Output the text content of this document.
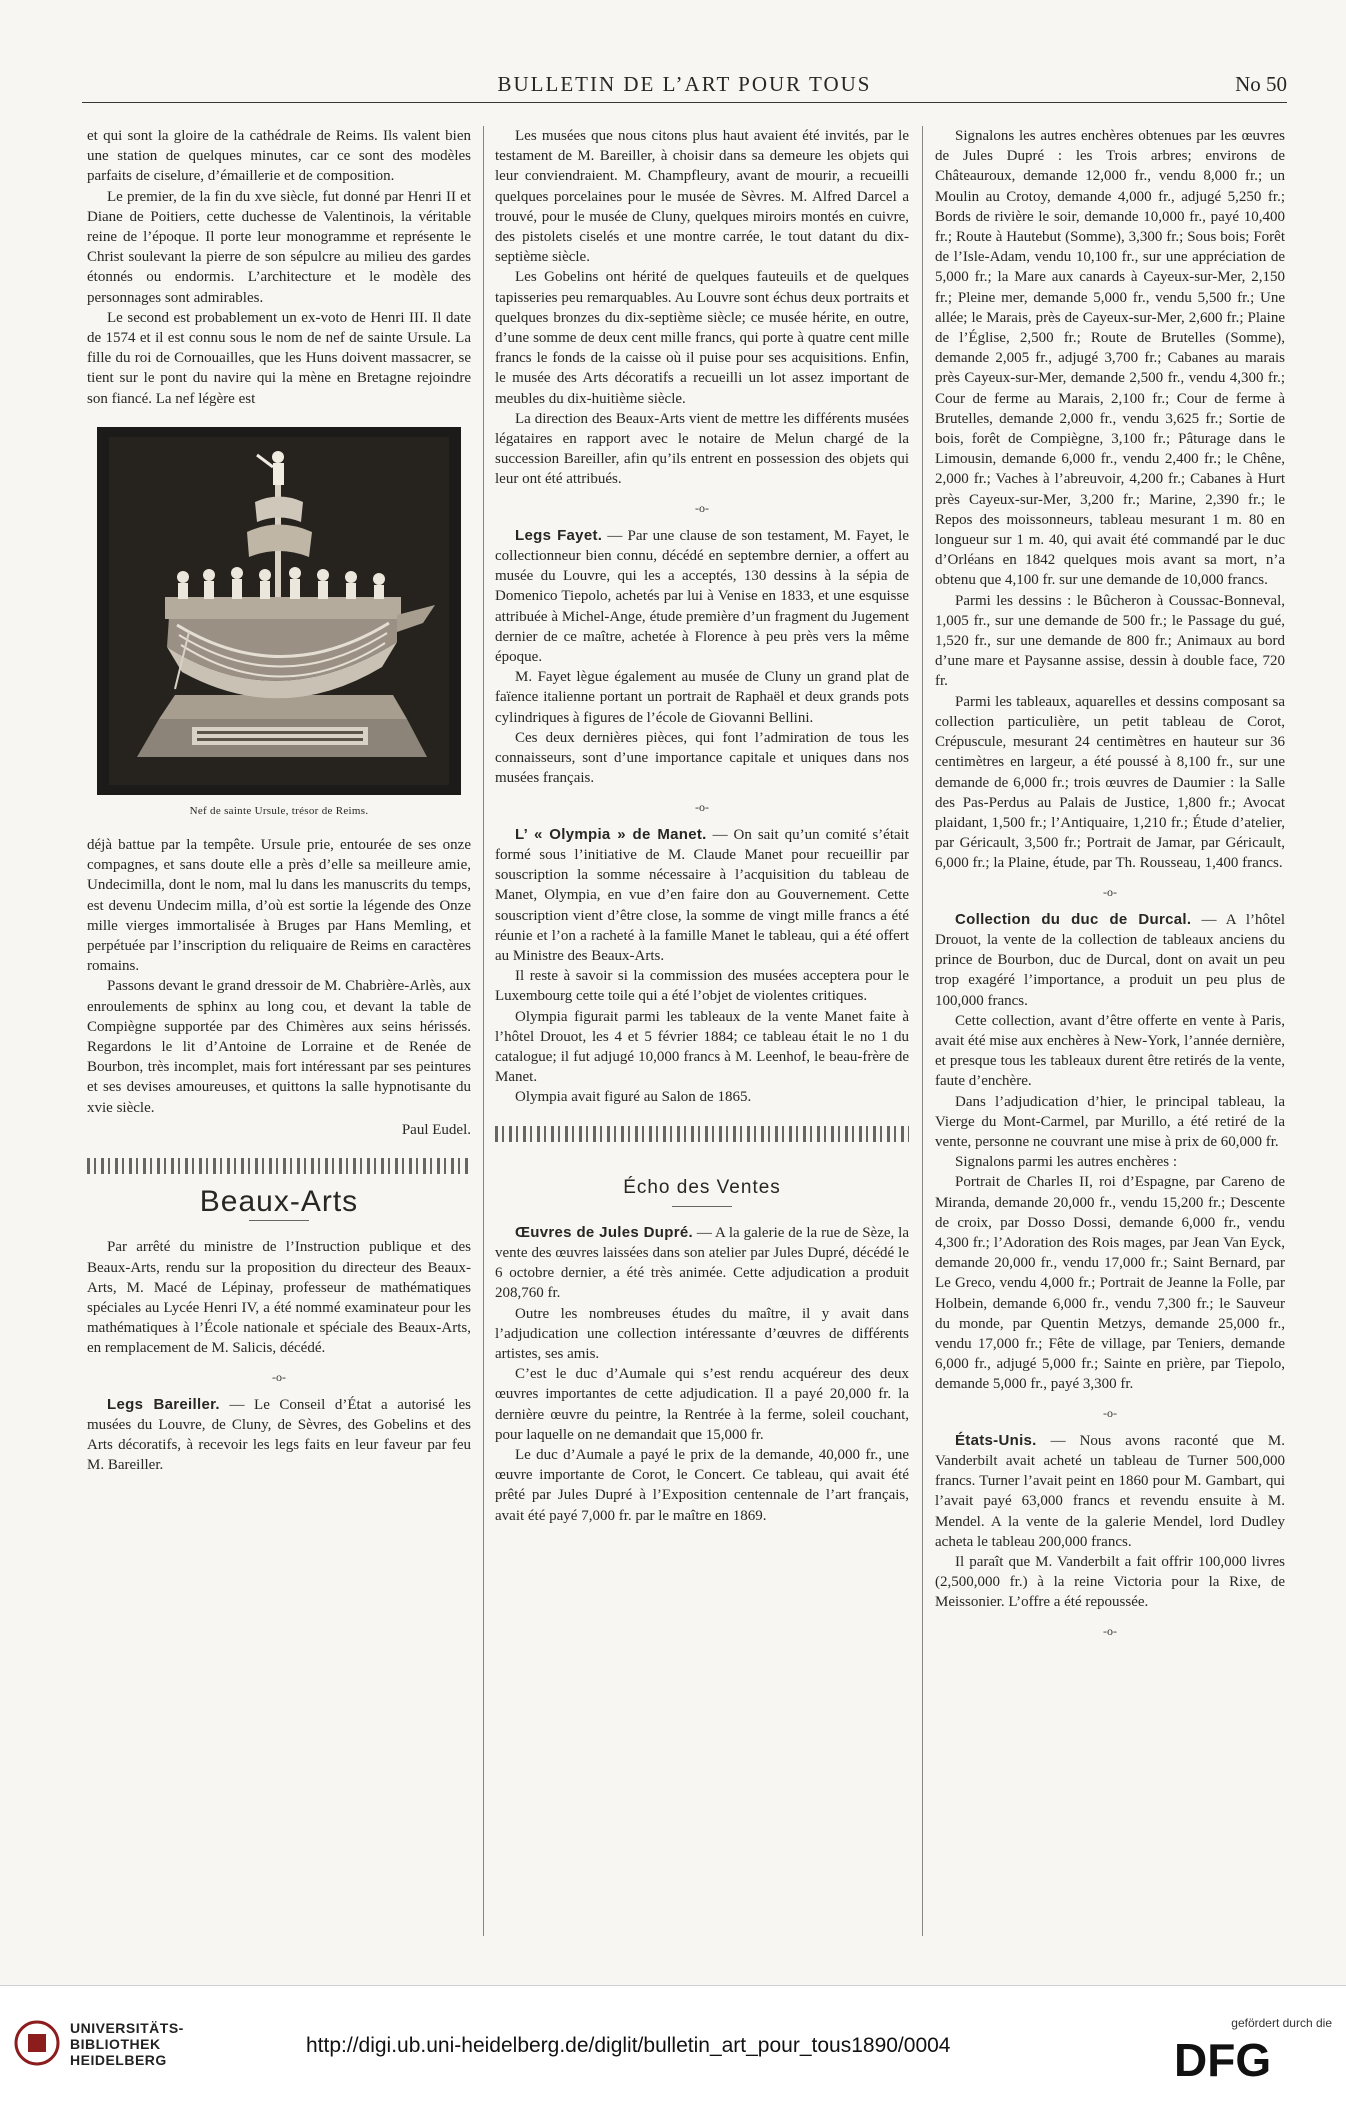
BULLETIN DE L’ART POUR TOUS	No 50

et qui sont la gloire de la cathédrale de Reims. Ils valent bien une station de quelques minutes, car ce sont des modèles parfaits de ciselure, d’émaillerie et de composition.

Le premier, de la fin du xve siècle, fut donné par Henri II et Diane de Poitiers, cette duchesse de Valentinois, la véritable reine de l’époque. Il porte leur monogramme et représente le Christ soulevant la pierre de son sépulcre au milieu des gardes étonnés ou endormis. L’architecture et le modèle des personnages sont admirables.

Le second est probablement un ex-voto de Henri III. Il date de 1574 et il est connu sous le nom de nef de sainte Ursule. La fille du roi de Cornouailles, que les Huns doivent massacrer, se tient sur le pont du navire qui la mène en Bretagne rejoindre son fiancé. La nef légère est

Nef de sainte Ursule, trésor de Reims.

déjà battue par la tempête. Ursule prie, entourée de ses onze compagnes, et sans doute elle a près d’elle sa meilleure amie, Undecimilla, dont le nom, mal lu dans les manuscrits du temps, est devenu Undecim milla, d’où est sortie la légende des Onze mille vierges immortalisée à Bruges par Hans Memling, et perpétuée par l’inscription du reliquaire de Reims en caractères romains.

Passons devant le grand dressoir de M. Chabrière-Arlès, aux enroulements de sphinx au long cou, et devant la table de Compiègne supportée par des Chimères aux seins hérissés. Regardons le lit d’Antoine de Lorraine et de Renée de Bourbon, très incomplet, mais fort intéressant par ses peintures et ses devises amoureuses, et quittons la salle hypnotisante du xvie siècle.

Paul Eudel.

Beaux-Arts

Par arrêté du ministre de l’Instruction publique et des Beaux-Arts, rendu sur la proposition du directeur des Beaux-Arts, M. Macé de Lépinay, professeur de mathématiques spéciales au Lycée Henri IV, a été nommé examinateur pour les mathématiques à l’École nationale et spéciale des Beaux-Arts, en remplacement de M. Salicis, décédé.

-o-

Legs Bareiller. — Le Conseil d’État a autorisé les musées du Louvre, de Cluny, de Sèvres, des Gobelins et des Arts décoratifs, à recevoir les legs faits en leur faveur par feu M. Bareiller.

Les musées que nous citons plus haut avaient été invités, par le testament de M. Bareiller, à choisir dans sa demeure les objets qui leur conviendraient. M. Champfleury, avant de mourir, a recueilli quelques porcelaines pour le musée de Sèvres. M. Alfred Darcel a trouvé, pour le musée de Cluny, quelques miroirs montés en cuivre, des pistolets ciselés et une montre carrée, le tout datant du dix-septième siècle.

Les Gobelins ont hérité de quelques fauteuils et de quelques tapisseries peu remarquables. Au Louvre sont échus deux portraits et quelques bronzes du dix-septième siècle; ce musée hérite, en outre, d’une somme de deux cent mille francs, qui porte à quatre cent mille francs le fonds de la caisse où il puise pour ses acquisitions. Enfin, le musée des Arts décoratifs a recueilli un lot assez important de meubles du dix-huitième siècle.

La direction des Beaux-Arts vient de mettre les différents musées légataires en rapport avec le notaire de Melun chargé de la succession Bareiller, afin qu’ils entrent en possession des objets qui leur ont été attribués.

-o-

Legs Fayet. — Par une clause de son testament, M. Fayet, le collectionneur bien connu, décédé en septembre dernier, a offert au musée du Louvre, qui les a acceptés, 130 dessins à la sépia de Domenico Tiepolo, achetés par lui à Venise en 1833, et une esquisse attribuée à Michel-Ange, étude première d’un fragment du Jugement dernier de ce maître, achetée à Florence à peu près vers la même époque.

M. Fayet lègue également au musée de Cluny un grand plat de faïence italienne portant un portrait de Raphaël et deux grands pots cylindriques à figures de l’école de Giovanni Bellini.

Ces deux dernières pièces, qui font l’admiration de tous les connaisseurs, sont d’une importance capitale et uniques dans nos musées français.

-o-

L’ « Olympia » de Manet. — On sait qu’un comité s’était formé sous l’initiative de M. Claude Manet pour recueillir par souscription la somme nécessaire à l’acquisition du tableau de Manet, Olympia, en vue d’en faire don au Gouvernement. Cette souscription vient d’être close, la somme de vingt mille francs a été réunie et l’on a racheté à la famille Manet le tableau, qui a été offert au Ministre des Beaux-Arts.

Il reste à savoir si la commission des musées acceptera pour le Luxembourg cette toile qui a été l’objet de violentes critiques.

Olympia figurait parmi les tableaux de la vente Manet faite à l’hôtel Drouot, les 4 et 5 février 1884; ce tableau était le no 1 du catalogue; il fut adjugé 10,000 francs à M. Leenhof, le beau-frère de Manet.

Olympia avait figuré au Salon de 1865.

Écho des Ventes

Œuvres de Jules Dupré. — A la galerie de la rue de Sèze, la vente des œuvres laissées dans son atelier par Jules Dupré, décédé le 6 octobre dernier, a été très animée. Cette adjudication a produit 208,760 fr.

Outre les nombreuses études du maître, il y avait dans l’adjudication une collection intéressante d’œuvres de différents artistes, ses amis.

C’est le duc d’Aumale qui s’est rendu acquéreur des deux œuvres importantes de cette adjudication. Il a payé 20,000 fr. la dernière œuvre du peintre, la Rentrée à la ferme, soleil couchant, pour laquelle on ne demandait que 15,000 fr.

Le duc d’Aumale a payé le prix de la demande, 40,000 fr., une œuvre importante de Corot, le Concert. Ce tableau, qui avait été prêté par Jules Dupré à l’Exposition centennale de l’art français, avait été payé 7,000 fr. par le maître en 1869.

Signalons les autres enchères obtenues par les œuvres de Jules Dupré : les Trois arbres; environs de Châteauroux, demande 12,000 fr., vendu 8,000 fr.; un Moulin au Crotoy, demande 4,000 fr., adjugé 5,250 fr.; Bords de rivière le soir, demande 10,000 fr., payé 10,400 fr.; Route à Hautebut (Somme), 3,300 fr.; Sous bois; Forêt de l’Isle-Adam, vendu 10,100 fr., sur une appréciation de 5,000 fr.; la Mare aux canards à Cayeux-sur-Mer, 2,150 fr.; Pleine mer, demande 5,000 fr., vendu 5,500 fr.; Une allée; le Marais, près de Cayeux-sur-Mer, 2,600 fr.; Plaine de l’Église, 2,500 fr.; Route de Brutelles (Somme), demande 2,005 fr., adjugé 3,700 fr.; Cabanes au marais près Cayeux-sur-Mer, demande 2,500 fr., vendu 4,300 fr.; Cour de ferme au Marais, 2,100 fr.; Cour de ferme à Brutelles, demande 2,000 fr., vendu 3,625 fr.; Sortie de bois, forêt de Compiègne, 3,100 fr.; Pâturage dans le Limousin, demande 6,000 fr., vendu 2,400 fr.; le Chêne, 2,000 fr.; Vaches à l’abreuvoir, 4,200 fr.; Cabanes à Hurt près Cayeux-sur-Mer, 3,200 fr.; Marine, 2,390 fr.; le Repos des moissonneurs, tableau mesurant 1 m. 80 en longueur sur 1 m. 40, qui avait été commandé par le duc d’Orléans en 1842 quelques mois avant sa mort, n’a obtenu que 4,100 fr. sur une demande de 10,000 francs.

Parmi les dessins : le Bûcheron à Coussac-Bonneval, 1,005 fr., sur une demande de 500 fr.; le Passage du gué, 1,520 fr., sur une demande de 800 fr.; Animaux au bord d’une mare et Paysanne assise, dessin à double face, 720 fr.

Parmi les tableaux, aquarelles et dessins composant sa collection particulière, un petit tableau de Corot, Crépuscule, mesurant 24 centimètres en hauteur sur 36 centimètres en largeur, a été poussé à 8,100 fr., sur une demande de 6,000 fr.; trois œuvres de Daumier : la Salle des Pas-Perdus au Palais de Justice, 1,800 fr.; Avocat plaidant, 1,500 fr.; l’Antiquaire, 1,210 fr.; Étude d’atelier, par Géricault, 3,500 fr.; Portrait de Jamar, par Géricault, 6,000 fr.; la Plaine, étude, par Th. Rousseau, 1,400 francs.

-o-

Collection du duc de Durcal. — A l’hôtel Drouot, la vente de la collection de tableaux anciens du prince de Bourbon, duc de Durcal, dont on avait un peu trop exagéré l’importance, a produit un peu plus de 100,000 francs.

Cette collection, avant d’être offerte en vente à Paris, avait été mise aux enchères à New-York, l’année dernière, et presque tous les tableaux durent être retirés de la vente, faute d’enchère.

Dans l’adjudication d’hier, le principal tableau, la Vierge du Mont-Carmel, par Murillo, a été retiré de la vente, personne ne couvrant une mise à prix de 60,000 fr.

Signalons parmi les autres enchères :

Portrait de Charles II, roi d’Espagne, par Careno de Miranda, demande 20,000 fr., vendu 15,200 fr.; Descente de croix, par Dosso Dossi, demande 6,000 fr., vendu 4,300 fr.; l’Adoration des Rois mages, par Jean Van Eyck, demande 20,000 fr., vendu 17,000 fr.; Saint Bernard, par Le Greco, vendu 4,000 fr.; Portrait de Jeanne la Folle, par Holbein, demande 6,000 fr., vendu 7,300 fr.; le Sauveur du monde, par Quentin Metzys, demande 25,000 fr., vendu 17,000 fr.; Fête de village, par Teniers, demande 6,000 fr., adjugé 5,000 fr.; Sainte en prière, par Tiepolo, demande 5,000 fr., payé 3,300 fr.

-o-

États-Unis. — Nous avons raconté que M. Vanderbilt avait acheté un tableau de Turner 500,000 francs. Turner l’avait peint en 1860 pour M. Gambart, qui l’avait payé 63,000 francs et revendu ensuite à M. Mendel. A la vente de la galerie Mendel, lord Dudley acheta le tableau 200,000 francs.

Il paraît que M. Vanderbilt a fait offrir 100,000 livres (2,500,000 fr.) à la reine Victoria pour la Rixe, de Meissonier. L’offre a été repoussée.

-o-
UNIVERSITÄTS-
BIBLIOTHEK
HEIDELBERG
http://digi.ub.uni-heidelberg.de/diglit/bulletin_art_pour_tous1890/0004
gefördert durch die
DFG
